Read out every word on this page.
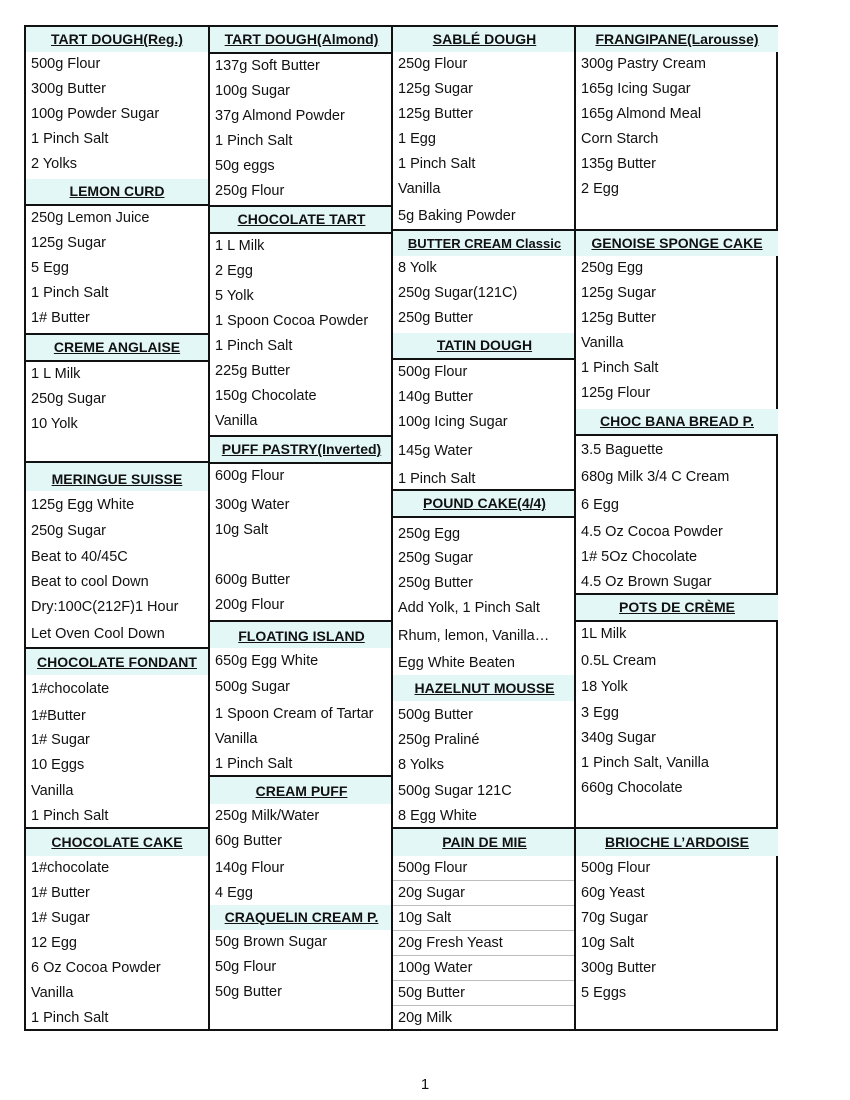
TART DOUGH(Reg.)
500g Flour
300g Butter
100g Powder Sugar
1 Pinch Salt
2 Yolks
LEMON CURD
250g Lemon Juice
125g Sugar
5 Egg
1 Pinch Salt
1# Butter
CREME ANGLAISE
1 L Milk
250g Sugar
10 Yolk
MERINGUE SUISSE
125g Egg White
250g Sugar
Beat to 40/45C
Beat to cool Down
Dry:100C(212F)1 Hour
Let Oven Cool Down
CHOCOLATE FONDANT
1#chocolate
1#Butter
1# Sugar
10 Eggs
Vanilla
1 Pinch Salt
CHOCOLATE CAKE
1#chocolate
1# Butter
1# Sugar
12 Egg
6 Oz Cocoa Powder
Vanilla
1 Pinch Salt
TART DOUGH(Almond)
137g Soft Butter
100g Sugar
37g Almond Powder
1 Pinch Salt
50g eggs
250g Flour
CHOCOLATE TART
1 L Milk
2 Egg
5 Yolk
1 Spoon Cocoa Powder
1 Pinch Salt
225g Butter
150g Chocolate
Vanilla
PUFF PASTRY(Inverted)
600g Flour
300g Water
10g Salt
600g Butter
200g Flour
FLOATING ISLAND
650g Egg White
500g Sugar
1 Spoon Cream of Tartar
Vanilla
1 Pinch Salt
CREAM PUFF
250g Milk/Water
60g Butter
140g Flour
4 Egg
CRAQUELIN CREAM P.
50g Brown Sugar
50g Flour
50g Butter
SABLÉ DOUGH
250g Flour
125g Sugar
125g Butter
1 Egg
1 Pinch Salt
Vanilla
5g Baking Powder
BUTTER CREAM Classic
8 Yolk
250g Sugar(121C)
250g Butter
TATIN DOUGH
500g Flour
140g Butter
100g Icing Sugar
145g Water
1 Pinch Salt
POUND CAKE(4/4)
250g Egg
250g Sugar
250g Butter
Add Yolk, 1 Pinch Salt
Rhum, lemon, Vanilla…
Egg White Beaten
HAZELNUT MOUSSE
500g Butter
250g Praliné
8 Yolks
500g Sugar 121C
8 Egg White
PAIN DE MIE
500g Flour
20g Sugar
10g Salt
20g Fresh Yeast
100g Water
50g Butter
20g Milk
FRANGIPANE(Larousse)
300g Pastry Cream
165g Icing Sugar
165g Almond Meal
Corn Starch
135g Butter
2 Egg
GENOISE SPONGE CAKE
250g Egg
125g Sugar
125g Butter
Vanilla
1 Pinch Salt
125g Flour
CHOC BANA BREAD P.
3.5 Baguette
680g Milk 3/4 C Cream
6 Egg
4.5 Oz Cocoa Powder
1# 5Oz Chocolate
4.5 Oz Brown Sugar
POTS DE CRÈME
1L Milk
0.5L Cream
18 Yolk
3 Egg
340g Sugar
1 Pinch Salt, Vanilla
660g Chocolate
BRIOCHE L’ARDOISE
500g Flour
60g Yeast
70g Sugar
10g Salt
300g Butter
5 Eggs
1
